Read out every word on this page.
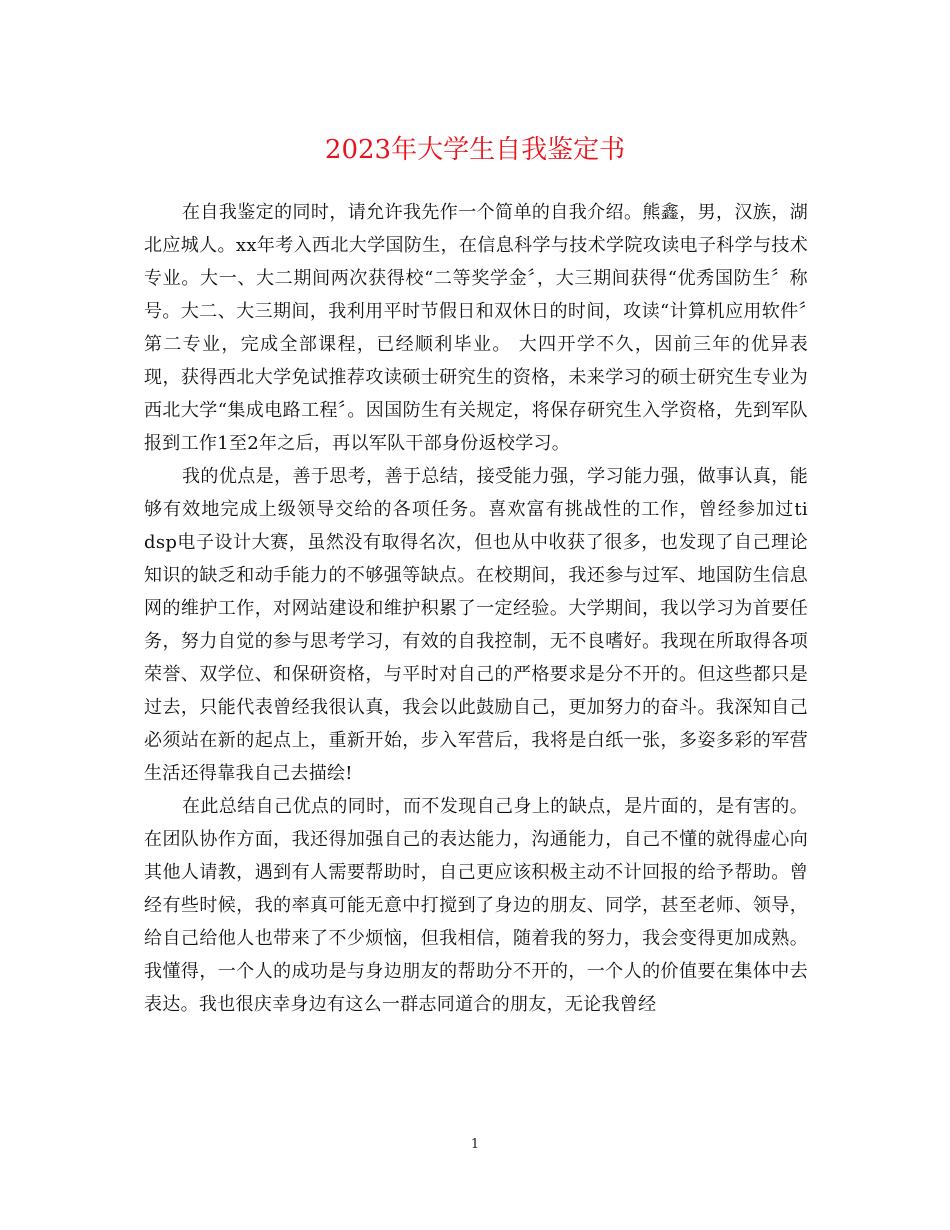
2023年大学生自我鉴定书

在自我鉴定的同时，请允许我先作一个简单的自我介绍。熊鑫，男，汉族，湖北应城人。xx年考入西北大学国防生，在信息科学与技术学院攻读电子科学与技术专业。大一、大二期间两次获得校“二等奖学金〞，大三期间获得“优秀国防生〞称号。大二、大三期间，我利用平时节假日和双休日的时间，攻读“计算机应用软件〞第二专业，完成全部课程，已经顺利毕业。 大四开学不久，因前三年的优异表现，获得西北大学免试推荐攻读硕士研究生的资格，未来学习的硕士研究生专业为西北大学“集成电路工程〞。因国防生有关规定，将保存研究生入学资格，先到军队报到工作1至2年之后，再以军队干部身份返校学习。

我的优点是，善于思考，善于总结，接受能力强，学习能力强，做事认真，能够有效地完成上级领导交给的各项任务。喜欢富有挑战性的工作，曾经参加过ti dsp电子设计大赛，虽然没有取得名次，但也从中收获了很多，也发现了自己理论知识的缺乏和动手能力的不够强等缺点。在校期间，我还参与过军、地国防生信息网的维护工作，对网站建设和维护积累了一定经验。大学期间，我以学习为首要任务，努力自觉的参与思考学习，有效的自我控制，无不良嗜好。我现在所取得各项荣誉、双学位、和保研资格，与平时对自己的严格要求是分不开的。但这些都只是过去，只能代表曾经我很认真，我会以此鼓励自己，更加努力的奋斗。我深知自己必须站在新的起点上，重新开始，步入军营后，我将是白纸一张，多姿多彩的军营生活还得靠我自己去描绘!

在此总结自己优点的同时，而不发现自己身上的缺点，是片面的，是有害的。在团队协作方面，我还得加强自己的表达能力，沟通能力，自己不懂的就得虚心向其他人请教，遇到有人需要帮助时，自己更应该积极主动不计回报的给予帮助。曾经有些时候，我的率真可能无意中打搅到了身边的朋友、同学，甚至老师、领导，给自己给他人也带来了不少烦恼，但我相信，随着我的努力，我会变得更加成熟。我懂得，一个人的成功是与身边朋友的帮助分不开的，一个人的价值要在集体中去表达。我也很庆幸身边有这么一群志同道合的朋友，无论我曾经

1
